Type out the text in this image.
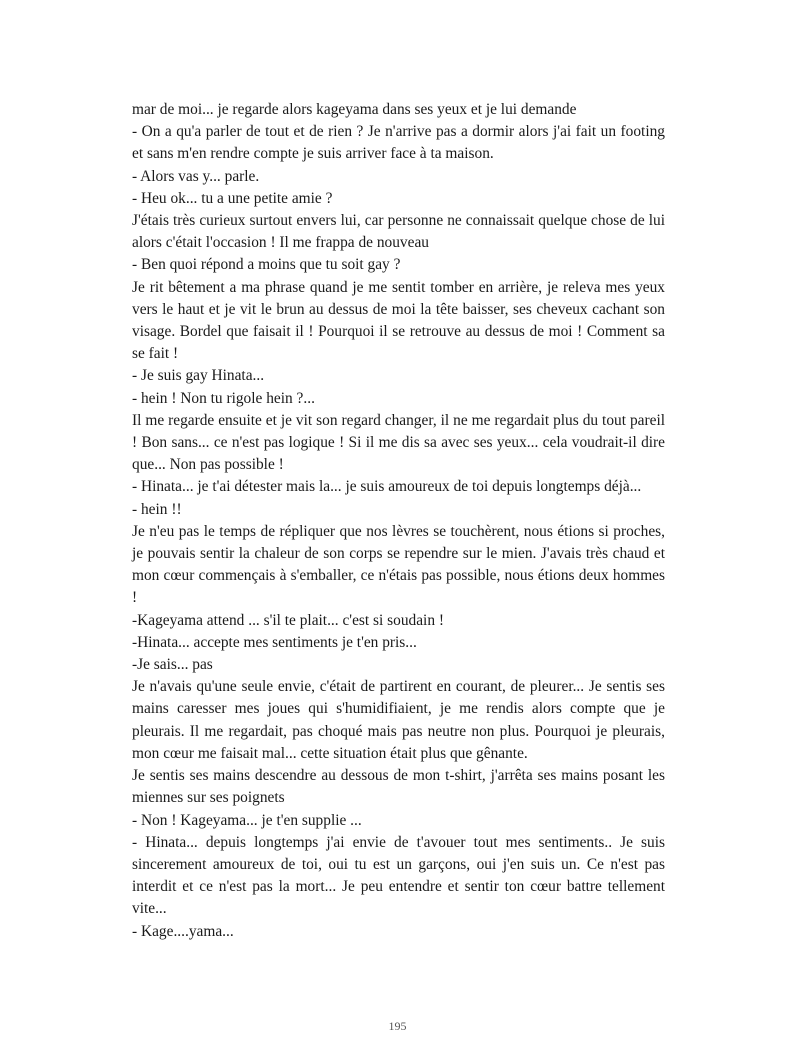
mar de moi... je regarde alors kageyama dans ses yeux et je lui demande

- On a qu'a parler de tout et de rien ? Je n'arrive pas a dormir alors j'ai fait un footing et sans m'en rendre compte je suis arriver face à ta maison.

- Alors vas y... parle.

- Heu ok... tu a une petite amie ?

J'étais très curieux surtout envers lui, car personne ne connaissait quelque chose de lui alors c'était l'occasion ! Il me frappa de nouveau

- Ben quoi répond a moins que tu soit gay ?

Je rit bêtement a ma phrase quand je me sentit tomber en arrière, je releva mes yeux vers le haut et je vit le brun au dessus de moi la tête baisser, ses cheveux cachant son visage. Bordel que faisait il ! Pourquoi il se retrouve au dessus de moi ! Comment sa se fait !

- Je suis gay Hinata...

- hein ! Non tu rigole hein ?...

Il me regarde ensuite et je vit son regard changer, il ne me regardait plus du tout pareil ! Bon sans... ce n'est pas logique ! Si il me dis sa avec ses yeux... cela voudrait-il dire que... Non pas possible !

- Hinata... je t'ai détester mais la... je suis amoureux de toi depuis longtemps déjà...

- hein !!

Je n'eu pas le temps de répliquer que nos lèvres se touchèrent, nous étions si proches, je pouvais sentir la chaleur de son corps se rependre sur le mien. J'avais très chaud et mon cœur commençais à s'emballer, ce n'étais pas possible, nous étions deux hommes !

-Kageyama attend ... s'il te plait... c'est si soudain !

-Hinata... accepte mes sentiments je t'en pris...

-Je sais... pas

Je n'avais qu'une seule envie, c'était de partirent en courant, de pleurer... Je sentis ses mains caresser mes joues qui s'humidifiaient, je me rendis alors compte que je pleurais. Il me regardait, pas choqué mais pas neutre non plus. Pourquoi je pleurais, mon cœur me faisait mal... cette situation était plus que gênante.

Je sentis ses mains descendre au dessous de mon t-shirt, j'arrêta ses mains posant les miennes sur ses poignets

- Non ! Kageyama... je t'en supplie ...

- Hinata... depuis longtemps j'ai envie de t'avouer tout mes sentiments.. Je suis sincerement amoureux de toi, oui tu est un garçons, oui j'en suis un. Ce n'est pas interdit et ce n'est pas la mort... Je peu entendre et sentir ton cœur battre tellement vite...

- Kage....yama...

195
